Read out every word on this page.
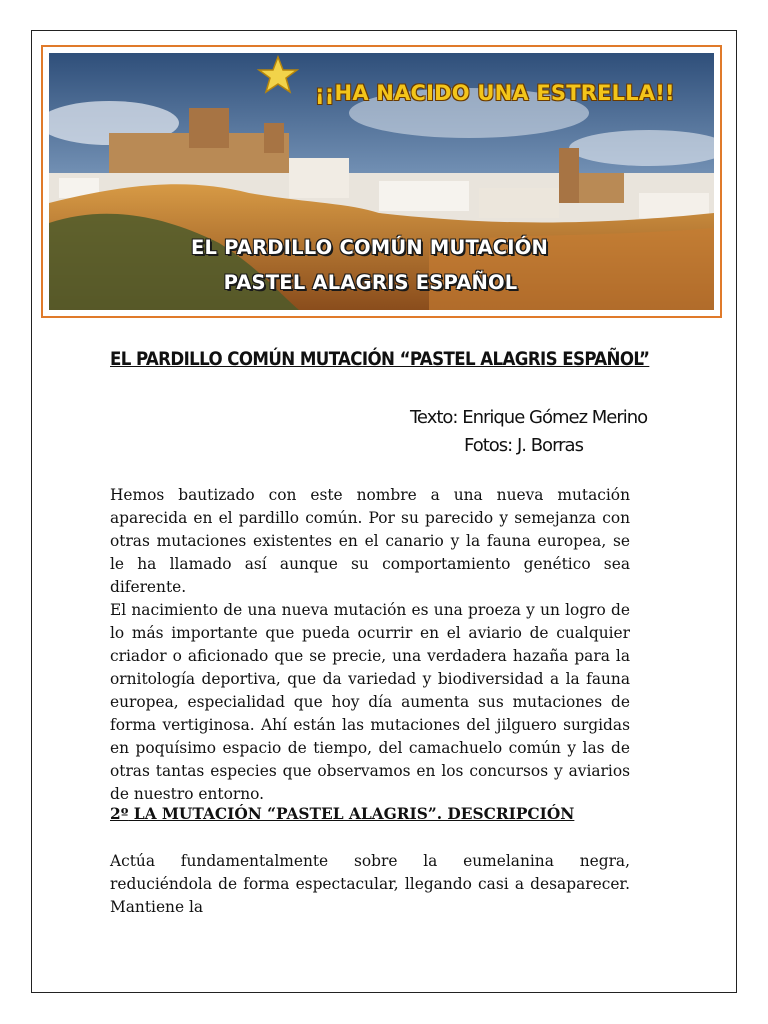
¡¡HA NACIDO UNA ESTRELLA!!
EL PARDILLO COMÚN MUTACIÓN
PASTEL ALAGRIS ESPAÑOL
EL PARDILLO COMÚN MUTACIÓN “PASTEL ALAGRIS ESPAÑOL”
Texto: Enrique Gómez Merino
Fotos: J. Borras

Hemos bautizado con este nombre a una nueva mutación aparecida en el pardillo común. Por su parecido y semejanza con otras mutaciones existentes en el canario y la fauna europea, se le ha llamado así aunque su comportamiento genético sea diferente.

El nacimiento de una nueva mutación es una proeza y un logro de lo más importante que pueda ocurrir en el aviario de cualquier criador o aficionado que se precie, una verdadera hazaña para la ornitología deportiva, que da variedad y biodiversidad a la fauna europea, especialidad que hoy día aumenta sus mutaciones de forma vertiginosa. Ahí están las mutaciones del jilguero surgidas en poquísimo espacio de tiempo, del camachuelo común y las de otras tantas especies que observamos en los concursos y aviarios de nuestro entorno.

2º LA MUTACIÓN “PASTEL ALAGRIS”. DESCRIPCIÓN

Actúa fundamentalmente sobre la eumelanina negra, reduciéndola de forma espectacular, llegando casi a desaparecer. Mantiene la
